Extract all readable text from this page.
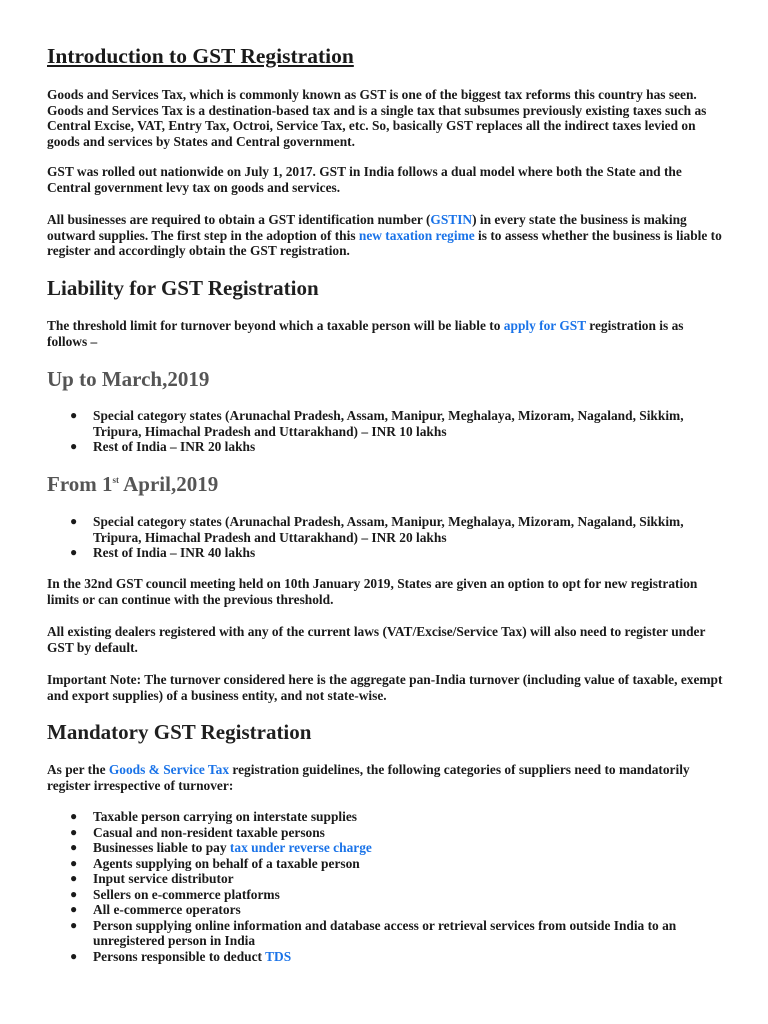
Introduction to GST Registration

Goods and Services Tax, which is commonly known as GST is one of the biggest tax reforms this country has seen. Goods and Services Tax is a destination-based tax and is a single tax that subsumes previously existing taxes such as Central Excise, VAT, Entry Tax, Octroi, Service Tax, etc. So, basically GST replaces all the indirect taxes levied on goods and services by States and Central government.

GST was rolled out nationwide on July 1, 2017. GST in India follows a dual model where both the State and the Central government levy tax on goods and services.

All businesses are required to obtain a GST identification number (GSTIN) in every state the business is making outward supplies. The first step in the adoption of this new taxation regime is to assess whether the business is liable to register and accordingly obtain the GST registration.

Liability for GST Registration

The threshold limit for turnover beyond which a taxable person will be liable to apply for GST registration is as follows –

Up to March,2019
● Special category states (Arunachal Pradesh, Assam, Manipur, Meghalaya, Mizoram, Nagaland, Sikkim, Tripura, Himachal Pradesh and Uttarakhand) – INR 10 lakhs
● Rest of India – INR 20 lakhs
From 1st April,2019
● Special category states (Arunachal Pradesh, Assam, Manipur, Meghalaya, Mizoram, Nagaland, Sikkim, Tripura, Himachal Pradesh and Uttarakhand) – INR 20 lakhs
● Rest of India – INR 40 lakhs

In the 32nd GST council meeting held on 10th January 2019, States are given an option to opt for new registration limits or can continue with the previous threshold.

All existing dealers registered with any of the current laws (VAT/Excise/Service Tax) will also need to register under GST by default.

Important Note: The turnover considered here is the aggregate pan-India turnover (including value of taxable, exempt and export supplies) of a business entity, and not state-wise.

Mandatory GST Registration

As per the Goods & Service Tax registration guidelines, the following categories of suppliers need to mandatorily register irrespective of turnover:

● Taxable person carrying on interstate supplies
● Casual and non-resident taxable persons
● Businesses liable to pay tax under reverse charge
● Agents supplying on behalf of a taxable person
● Input service distributor
● Sellers on e-commerce platforms
● All e-commerce operators
● Person supplying online information and database access or retrieval services from outside India to an unregistered person in India
● Persons responsible to deduct TDS
